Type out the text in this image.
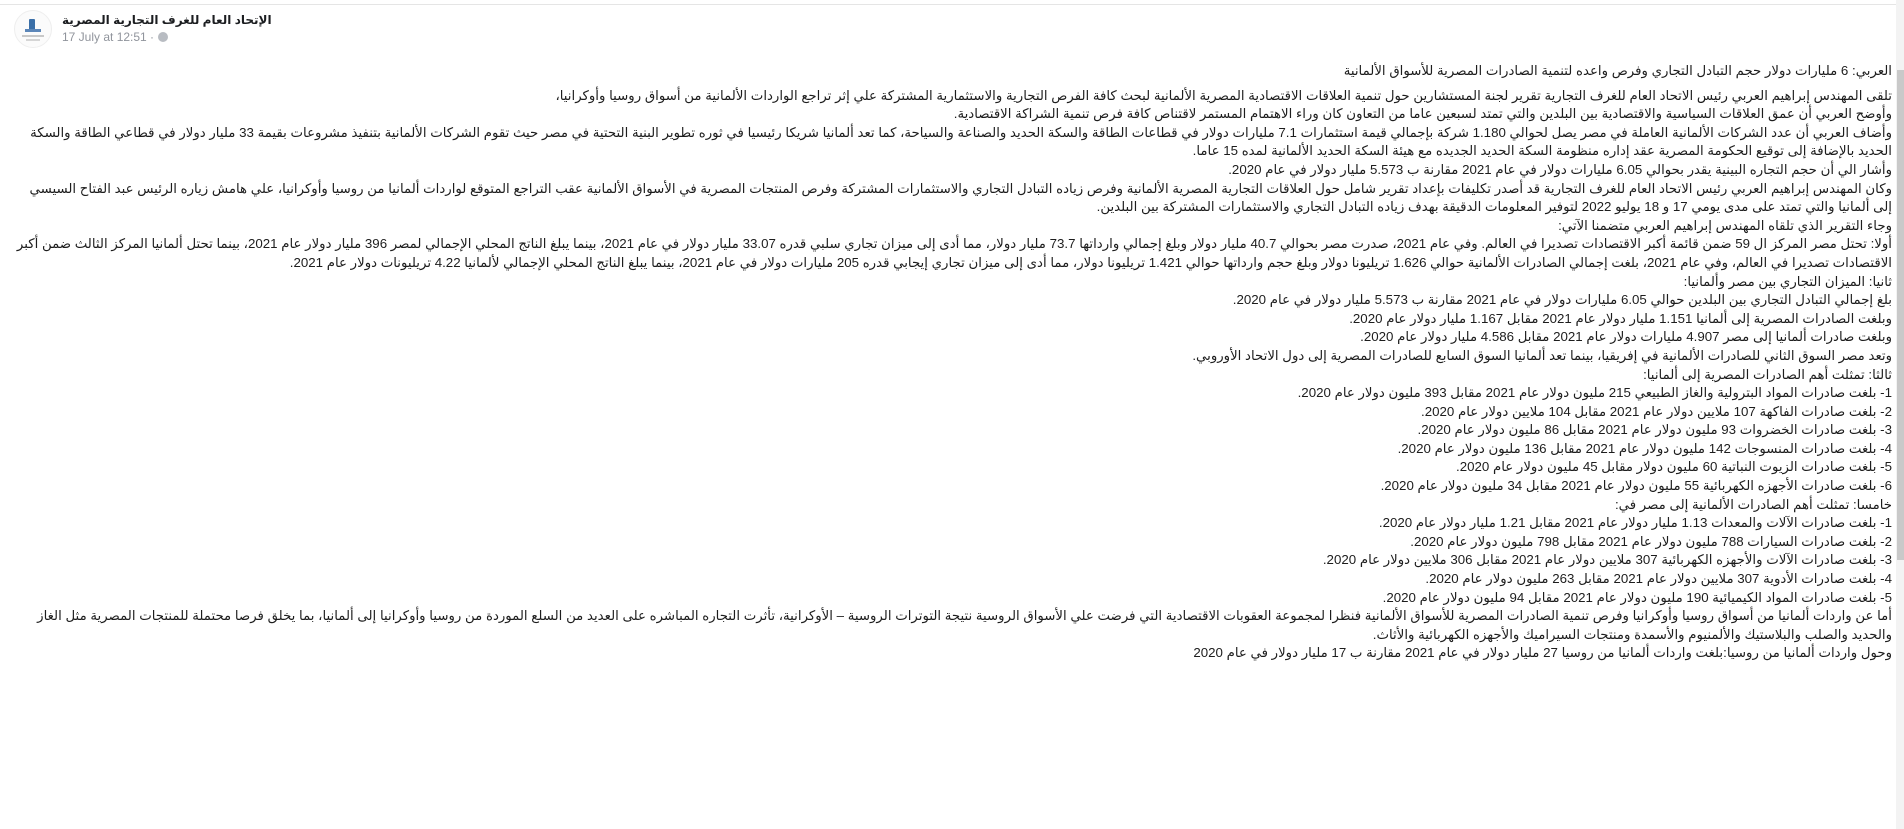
الإتحاد العام للغرف التجارية المصرية
17 July at 12:51 ·

العربي: 6 مليارات دولار حجم التبادل التجاري وفرص واعده لتنمية الصادرات المصرية للأسواق الألمانية

تلقى المهندس إبراهيم العربي رئيس الاتحاد العام للغرف التجارية تقرير لجنة المستشارين حول تنمية العلاقات الاقتصادية المصرية الألمانية لبحث كافة الفرص التجارية والاستثمارية المشتركة علي إثر تراجع الواردات الألمانية من أسواق روسيا وأوكرانيا،

وأوضح العربي أن عمق العلاقات السياسية والاقتصادية بين البلدين والتي تمتد لسبعين عاما من التعاون كان وراء الاهتمام المستمر لاقتناص كافة فرص تنمية الشراكة الاقتصادية.

وأضاف العربي أن عدد الشركات الألمانية العاملة في مصر يصل لحوالي 1.180 شركة بإجمالي قيمة استثمارات 7.1 مليارات دولار في قطاعات الطاقة والسكة الحديد والصناعة والسياحة، كما تعد ألمانيا شريكا رئيسيا في ثوره تطوير البنية التحتية في مصر حيث تقوم الشركات الألمانية بتنفيذ مشروعات بقيمة 33 مليار دولار في قطاعي الطاقة والسكة الحديد بالإضافة إلى توقيع الحكومة المصرية عقد إداره منظومة السكة الحديد الجديده مع هيئة السكة الحديد الألمانية لمده 15 عاما.

وأشار الي أن حجم التجاره البينية يقدر بحوالي 6.05 مليارات دولار في عام 2021 مقارنة ب 5.573 مليار دولار في عام 2020.

وكان المهندس إبراهيم العربي رئيس الاتحاد العام للغرف التجارية قد أصدر تكليفات بإعداد تقرير شامل حول العلاقات التجارية المصرية الألمانية وفرص زياده التبادل التجاري والاستثمارات المشتركة وفرص المنتجات المصرية في الأسواق الألمانية عقب التراجع المتوقع لواردات ألمانيا من روسيا وأوكرانيا، علي هامش زياره الرئيس عبد الفتاح السيسي إلى ألمانيا والتي تمتد على مدى يومي 17 و 18 يوليو 2022 لتوفير المعلومات الدقيقة بهدف زياده التبادل التجاري والاستثمارات المشتركة بين البلدين.

وجاء التقرير الذي تلقاه المهندس إبراهيم العربي متضمنا الآتي:

أولا: تحتل مصر المركز ال 59 ضمن قائمة أكبر الاقتصادات تصديرا في العالم. وفي عام 2021، صدرت مصر بحوالي 40.7 مليار دولار وبلغ إجمالي وارداتها 73.7 مليار دولار، مما أدى إلى ميزان تجاري سلبي قدره 33.07 مليار دولار في عام 2021، بينما يبلغ الناتج المحلي الإجمالي لمصر 396 مليار دولار عام 2021، بينما تحتل ألمانيا المركز الثالث ضمن أكبر الاقتصادات تصديرا في العالم، وفي عام 2021، بلغت إجمالي الصادرات الألمانية حوالي 1.626 تريليونا دولار وبلغ حجم وارداتها حوالي 1.421 تريليونا دولار، مما أدى إلى ميزان تجاري إيجابي قدره 205 مليارات دولار في عام 2021، بينما يبلغ الناتج المحلي الإجمالي لألمانيا 4.22 تريليونات دولار عام 2021.

ثانيا: الميزان التجاري بين مصر وألمانيا:

بلغ إجمالي التبادل التجاري بين البلدين حوالي 6.05 مليارات دولار في عام 2021 مقارنة ب 5.573 مليار دولار في عام 2020.

وبلغت الصادرات المصرية إلى ألمانيا 1.151 مليار دولار عام 2021 مقابل 1.167 مليار دولار عام 2020.

وبلغت صادرات ألمانيا إلى مصر 4.907 مليارات دولار عام 2021 مقابل 4.586 مليار دولار عام 2020.

وتعد مصر السوق الثاني للصادرات الألمانية في إفريقيا، بينما تعد ألمانيا السوق السابع للصادرات المصرية إلى دول الاتحاد الأوروبي.

ثالثا: تمثلت أهم الصادرات المصرية إلى ألمانيا:

1- بلغت صادرات المواد البترولية والغاز الطبيعي 215 مليون دولار عام 2021 مقابل 393 مليون دولار عام 2020.

2- بلغت صادرات الفاكهة 107 ملايين دولار عام 2021 مقابل 104 ملايين دولار عام 2020.

3- بلغت صادرات الخضروات 93 مليون دولار عام 2021 مقابل 86 مليون دولار عام 2020.

4- بلغت صادرات المنسوجات 142 مليون دولار عام 2021 مقابل 136 مليون دولار عام 2020.

5- بلغت صادرات الزيوت النباتية 60 مليون دولار مقابل 45 مليون دولار عام 2020.

6- بلغت صادرات الأجهزه الكهربائية 55 مليون دولار عام 2021 مقابل 34 مليون دولار عام 2020.

خامسا: تمثلت أهم الصادرات الألمانية إلى مصر في:

1- بلغت صادرات الآلات والمعدات 1.13 مليار دولار عام 2021 مقابل 1.21 مليار دولار عام 2020.

2- بلغت صادرات السيارات 788 مليون دولار عام 2021 مقابل 798 مليون دولار عام 2020.

3- بلغت صادرات الآلات والأجهزه الكهربائية 307 ملايين دولار عام 2021 مقابل 306 ملايين دولار عام 2020.

4- بلغت صادرات الأدوية 307 ملايين دولار عام 2021 مقابل 263 مليون دولار عام 2020.

5- بلغت صادرات المواد الكيميائية 190 مليون دولار عام 2021 مقابل 94 مليون دولار عام 2020.

أما عن واردات ألمانيا من أسواق روسيا وأوكرانيا وفرص تنمية الصادرات المصرية للأسواق الألمانية فنظرا لمجموعة العقوبات الاقتصادية التي فرضت علي الأسواق الروسية نتيجة التوترات الروسية – الأوكرانية، تأثرت التجاره المباشره على العديد من السلع الموردة من روسيا وأوكرانيا إلى ألمانيا، بما يخلق فرصا محتملة للمنتجات المصرية مثل الغاز والحديد والصلب والبلاستيك والألمنيوم والأسمدة ومنتجات السيراميك والأجهزه الكهربائية والأثاث.

وحول واردات ألمانيا من روسيا:بلغت واردات ألمانيا من روسيا 27 مليار دولار في عام 2021 مقارنة ب 17 مليار دولار في عام 2020
